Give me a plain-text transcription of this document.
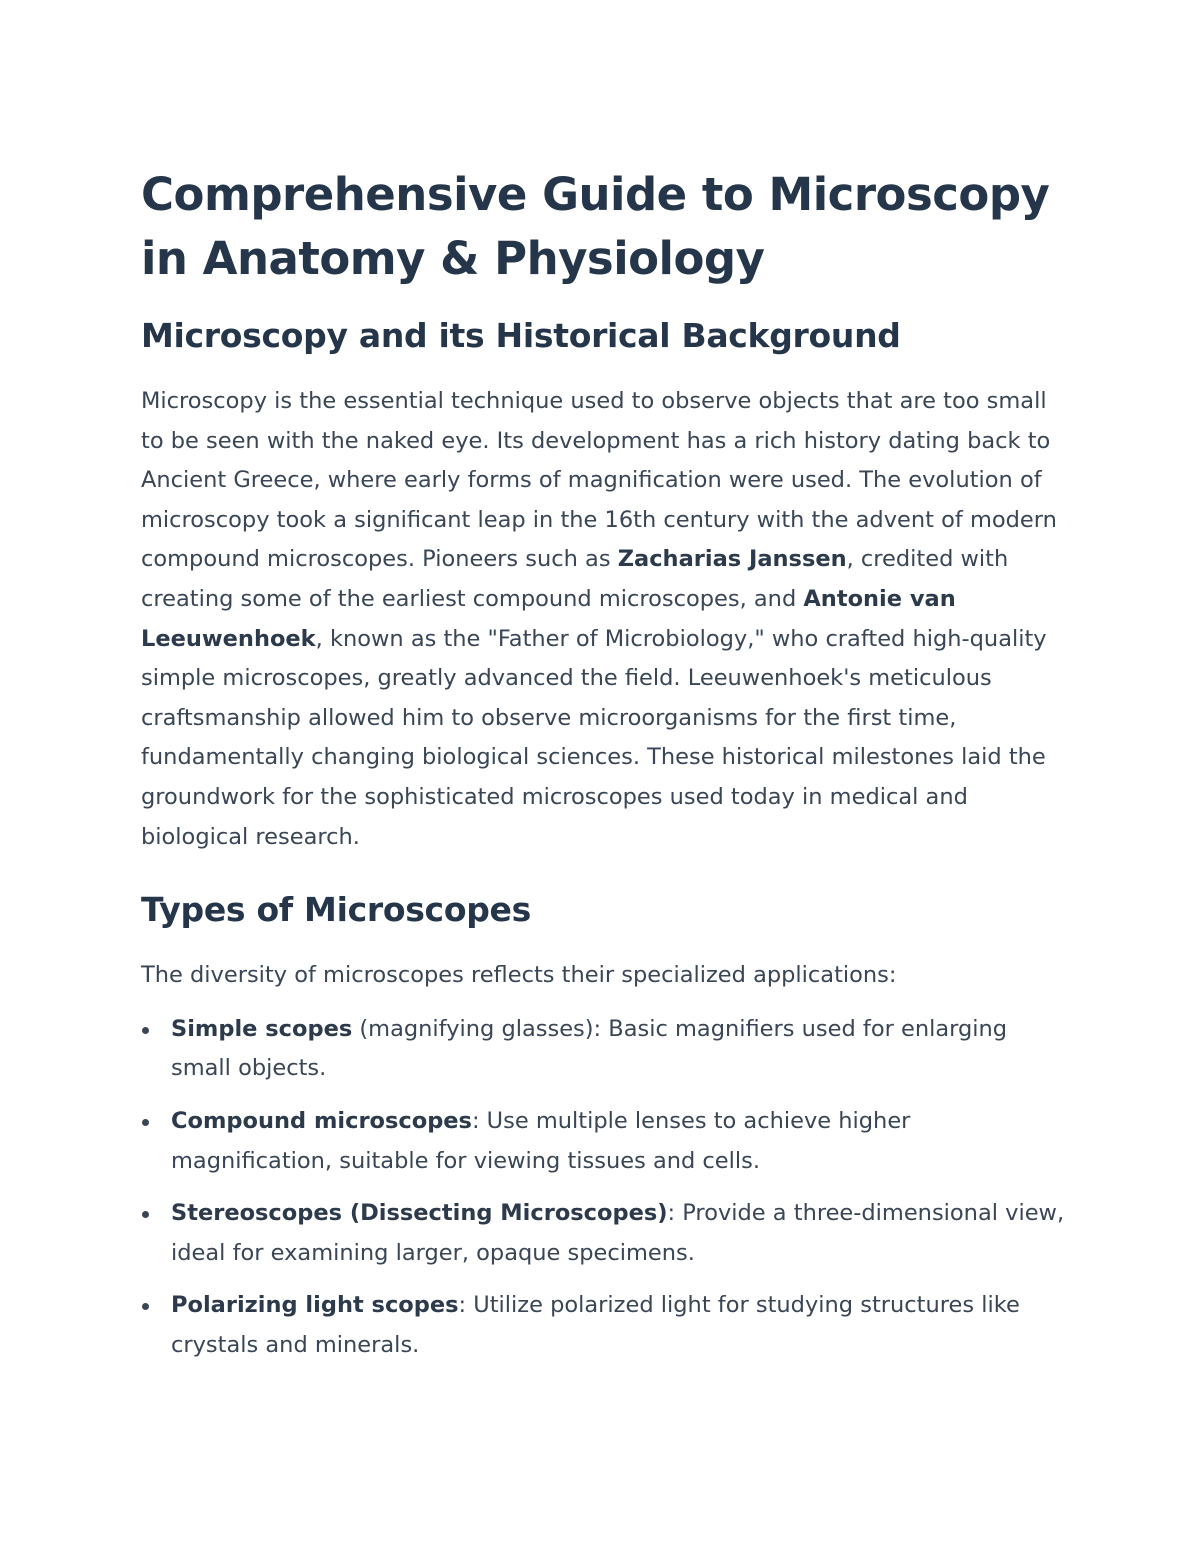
Comprehensive Guide to Microscopy in Anatomy & Physiology
Microscopy and its Historical Background

Microscopy is the essential technique used to observe objects that are too small to be seen with the naked eye. Its development has a rich history dating back to Ancient Greece, where early forms of magnification were used. The evolution of microscopy took a significant leap in the 16th century with the advent of modern compound microscopes. Pioneers such as Zacharias Janssen, credited with creating some of the earliest compound microscopes, and Antonie van Leeuwenhoek, known as the "Father of Microbiology," who crafted high-quality simple microscopes, greatly advanced the field. Leeuwenhoek's meticulous craftsmanship allowed him to observe microorganisms for the first time, fundamentally changing biological sciences. These historical milestones laid the groundwork for the sophisticated microscopes used today in medical and biological research.

Types of Microscopes

The diversity of microscopes reflects their specialized applications:

Simple scopes (magnifying glasses): Basic magnifiers used for enlarging small objects.
Compound microscopes: Use multiple lenses to achieve higher magnification, suitable for viewing tissues and cells.
Stereoscopes (Dissecting Microscopes): Provide a three-dimensional view, ideal for examining larger, opaque specimens.
Polarizing light scopes: Utilize polarized light for studying structures like crystals and minerals.
